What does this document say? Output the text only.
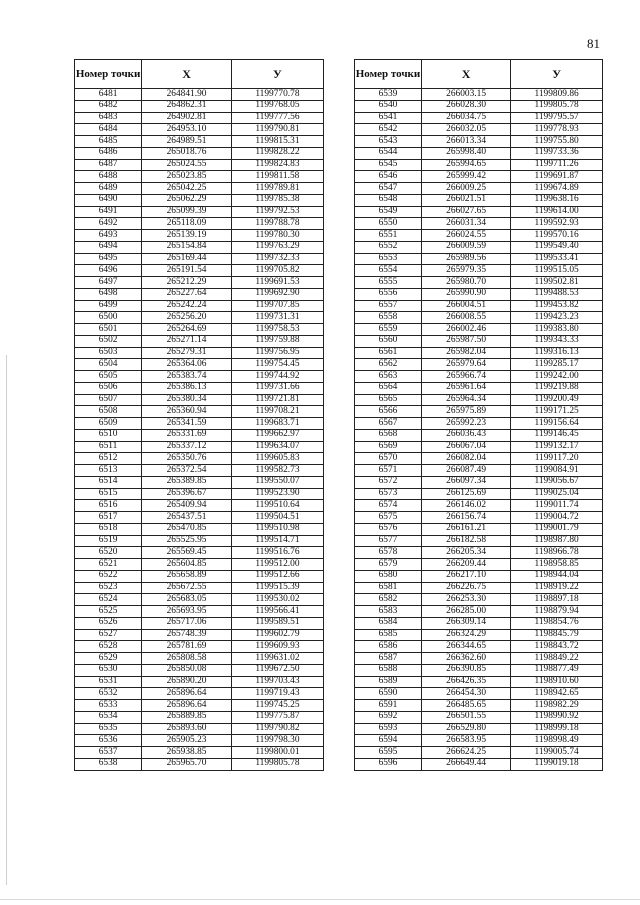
81
Номер точки	X	У
6481	264841.90	1199770.78
6482	264862.31	1199768.05
6483	264902.81	1199777.56
6484	264953.10	1199790.81
6485	264989.51	1199815.31
6486	265018.76	1199828.22
6487	265024.55	1199824.83
6488	265023.85	1199811.58
6489	265042.25	1199789.81
6490	265062.29	1199785.38
6491	265099.39	1199792.53
6492	265118.09	1199788.78
6493	265139.19	1199780.30
6494	265154.84	1199763.29
6495	265169.44	1199732.33
6496	265191.54	1199705.82
6497	265212.29	1199691.53
6498	265227.64	1199692.90
6499	265242.24	1199707.85
6500	265256.20	1199731.31
6501	265264.69	1199758.53
6502	265271.14	1199759.88
6503	265279.31	1199756.95
6504	265364.06	1199754.45
6505	265383.74	1199744.92
6506	265386.13	1199731.66
6507	265380.34	1199721.81
6508	265360.94	1199708.21
6509	265341.59	1199683.71
6510	265331.69	1199662.97
6511	265337.12	1199634.07
6512	265350.76	1199605.83
6513	265372.54	1199582.73
6514	265389.85	1199550.07
6515	265396.67	1199523.90
6516	265409.94	1199510.64
6517	265437.51	1199504.51
6518	265470.85	1199510.98
6519	265525.95	1199514.71
6520	265569.45	1199516.76
6521	265604.85	1199512.00
6522	265658.89	1199512.66
6523	265672.55	1199515.39
6524	265683.05	1199530.02
6525	265693.95	1199566.41
6526	265717.06	1199589.51
6527	265748.39	1199602.79
6528	265781.69	1199609.93
6529	265808.58	1199631.02
6530	265850.08	1199672.50
6531	265890.20	1199703.43
6532	265896.64	1199719.43
6533	265896.64	1199745.25
6534	265889.85	1199775.87
6535	265893.60	1199790.82
6536	265905.23	1199798.30
6537	265938.85	1199800.01
6538	265965.70	1199805.78
Номер точки	X	У
6539	266003.15	1199809.86
6540	266028.30	1199805.78
6541	266034.75	1199795.57
6542	266032.05	1199778.93
6543	266013.34	1199755.80
6544	265998.40	1199733.36
6545	265994.65	1199711.26
6546	265999.42	1199691.87
6547	266009.25	1199674.89
6548	266021.51	1199638.16
6549	266027.65	1199614.00
6550	266031.34	1199592.93
6551	266024.55	1199570.16
6552	266009.59	1199549.40
6553	265989.56	1199533.41
6554	265979.35	1199515.05
6555	265980.70	1199502.81
6556	265990.90	1199488.53
6557	266004.51	1199453.82
6558	266008.55	1199423.23
6559	266002.46	1199383.80
6560	265987.50	1199343.33
6561	265982.04	1199316.13
6562	265979.64	1199285.17
6563	265966.74	1199242.00
6564	265961.64	1199219.88
6565	265964.34	1199200.49
6566	265975.89	1199171.25
6567	265992.23	1199156.64
6568	266036.43	1199146.45
6569	266067.04	1199132.17
6570	266082.04	1199117.20
6571	266087.49	1199084.91
6572	266097.34	1199056.67
6573	266125.69	1199025.04
6574	266146.02	1199011.74
6575	266156.74	1199004.72
6576	266161.21	1199001.79
6577	266182.58	1198987.80
6578	266205.34	1198966.78
6579	266209.44	1198958.85
6580	266217.10	1198944.04
6581	266226.75	1198919.22
6582	266253.30	1198897.18
6583	266285.00	1198879.94
6584	266309.14	1198854.76
6585	266324.29	1198845.79
6586	266344.65	1198843.72
6587	266362.60	1198849.22
6588	266390.85	1198877.49
6589	266426.35	1198910.60
6590	266454.30	1198942.65
6591	266485.65	1198982.29
6592	266501.55	1198990.92
6593	266529.80	1198999.18
6594	266583.95	1198998.49
6595	266624.25	1199005.74
6596	266649.44	1199019.18
